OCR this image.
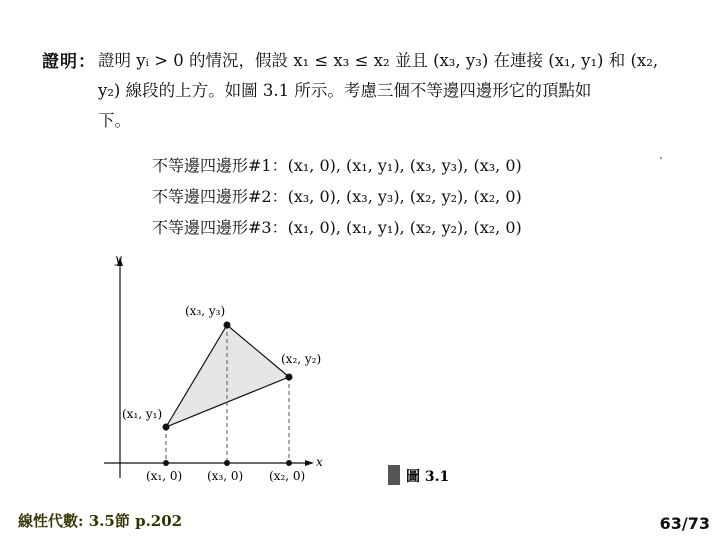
證明： 證明 yᵢ > 0 的情況，假設 x₁ ≤ x₃ ≤ x₂ 並且 (x₃, y₃) 在連接 (x₁, y₁) 和 (x₂,
y₂) 線段的上方。如圖 3.1 所示。考慮三個不等邊四邊形它的頂點如
下。
不等邊四邊形#1：(x₁, 0), (x₁, y₁), (x₃, y₃), (x₃, 0)
不等邊四邊形#2：(x₃, 0), (x₃, y₃), (x₂, y₂), (x₂, 0)
不等邊四邊形#3：(x₁, 0), (x₁, y₁), (x₂, y₂), (x₂, 0)
y
x
(x₁, y₁)
(x₃, y₃)
(x₂, y₂)
(x₁, 0) (x₃, 0) (x₂, 0)	圖 3.1
線性代數: 3.5節 p.202	63/73
